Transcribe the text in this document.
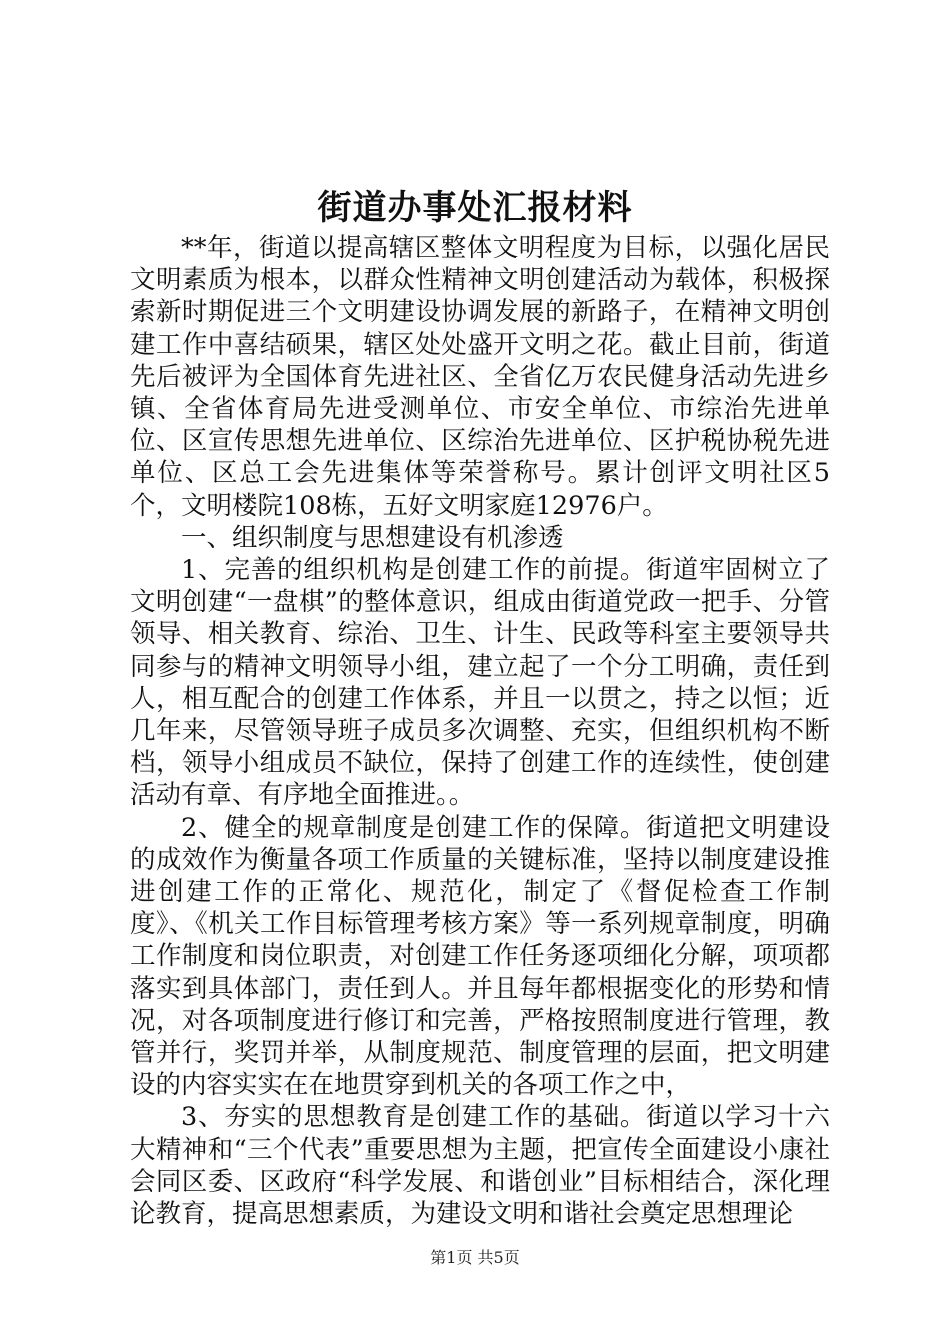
街道办事处汇报材料

**年，街道以提高辖区整体文明程度为目标，以强化居民文明素质为根本，以群众性精神文明创建活动为载体，积极探索新时期促进三个文明建设协调发展的新路子，在精神文明创建工作中喜结硕果，辖区处处盛开文明之花。截止目前，街道先后被评为全国体育先进社区、全省亿万农民健身活动先进乡镇、全省体育局先进受测单位、市安全单位、市综治先进单位、区宣传思想先进单位、区综治先进单位、区护税协税先进单位、区总工会先进集体等荣誉称号。累计创评文明社区5个，文明楼院108栋，五好文明家庭12976户。

一、组织制度与思想建设有机渗透

1、完善的组织机构是创建工作的前提。街道牢固树立了文明创建“一盘棋”的整体意识，组成由街道党政一把手、分管领导、相关教育、综治、卫生、计生、民政等科室主要领导共同参与的精神文明领导小组，建立起了一个分工明确，责任到人，相互配合的创建工作体系，并且一以贯之，持之以恒；近几年来，尽管领导班子成员多次调整、充实，但组织机构不断档，领导小组成员不缺位，保持了创建工作的连续性，使创建活动有章、有序地全面推进。。

2、健全的规章制度是创建工作的保障。街道把文明建设的成效作为衡量各项工作质量的关键标准，坚持以制度建设推进创建工作的正常化、规范化，制定了《督促检查工作制度》、《机关工作目标管理考核方案》等一系列规章制度，明确工作制度和岗位职责，对创建工作任务逐项细化分解，项项都落实到具体部门，责任到人。并且每年都根据变化的形势和情况，对各项制度进行修订和完善，严格按照制度进行管理，教管并行，奖罚并举，从制度规范、制度管理的层面，把文明建设的内容实实在在地贯穿到机关的各项工作之中，

3、夯实的思想教育是创建工作的基础。街道以学习十六大精神和“三个代表”重要思想为主题，把宣传全面建设小康社会同区委、区政府“科学发展、和谐创业”目标相结合，深化理论教育，提高思想素质，为建设文明和谐社会奠定思想理论

第1页 共5页
